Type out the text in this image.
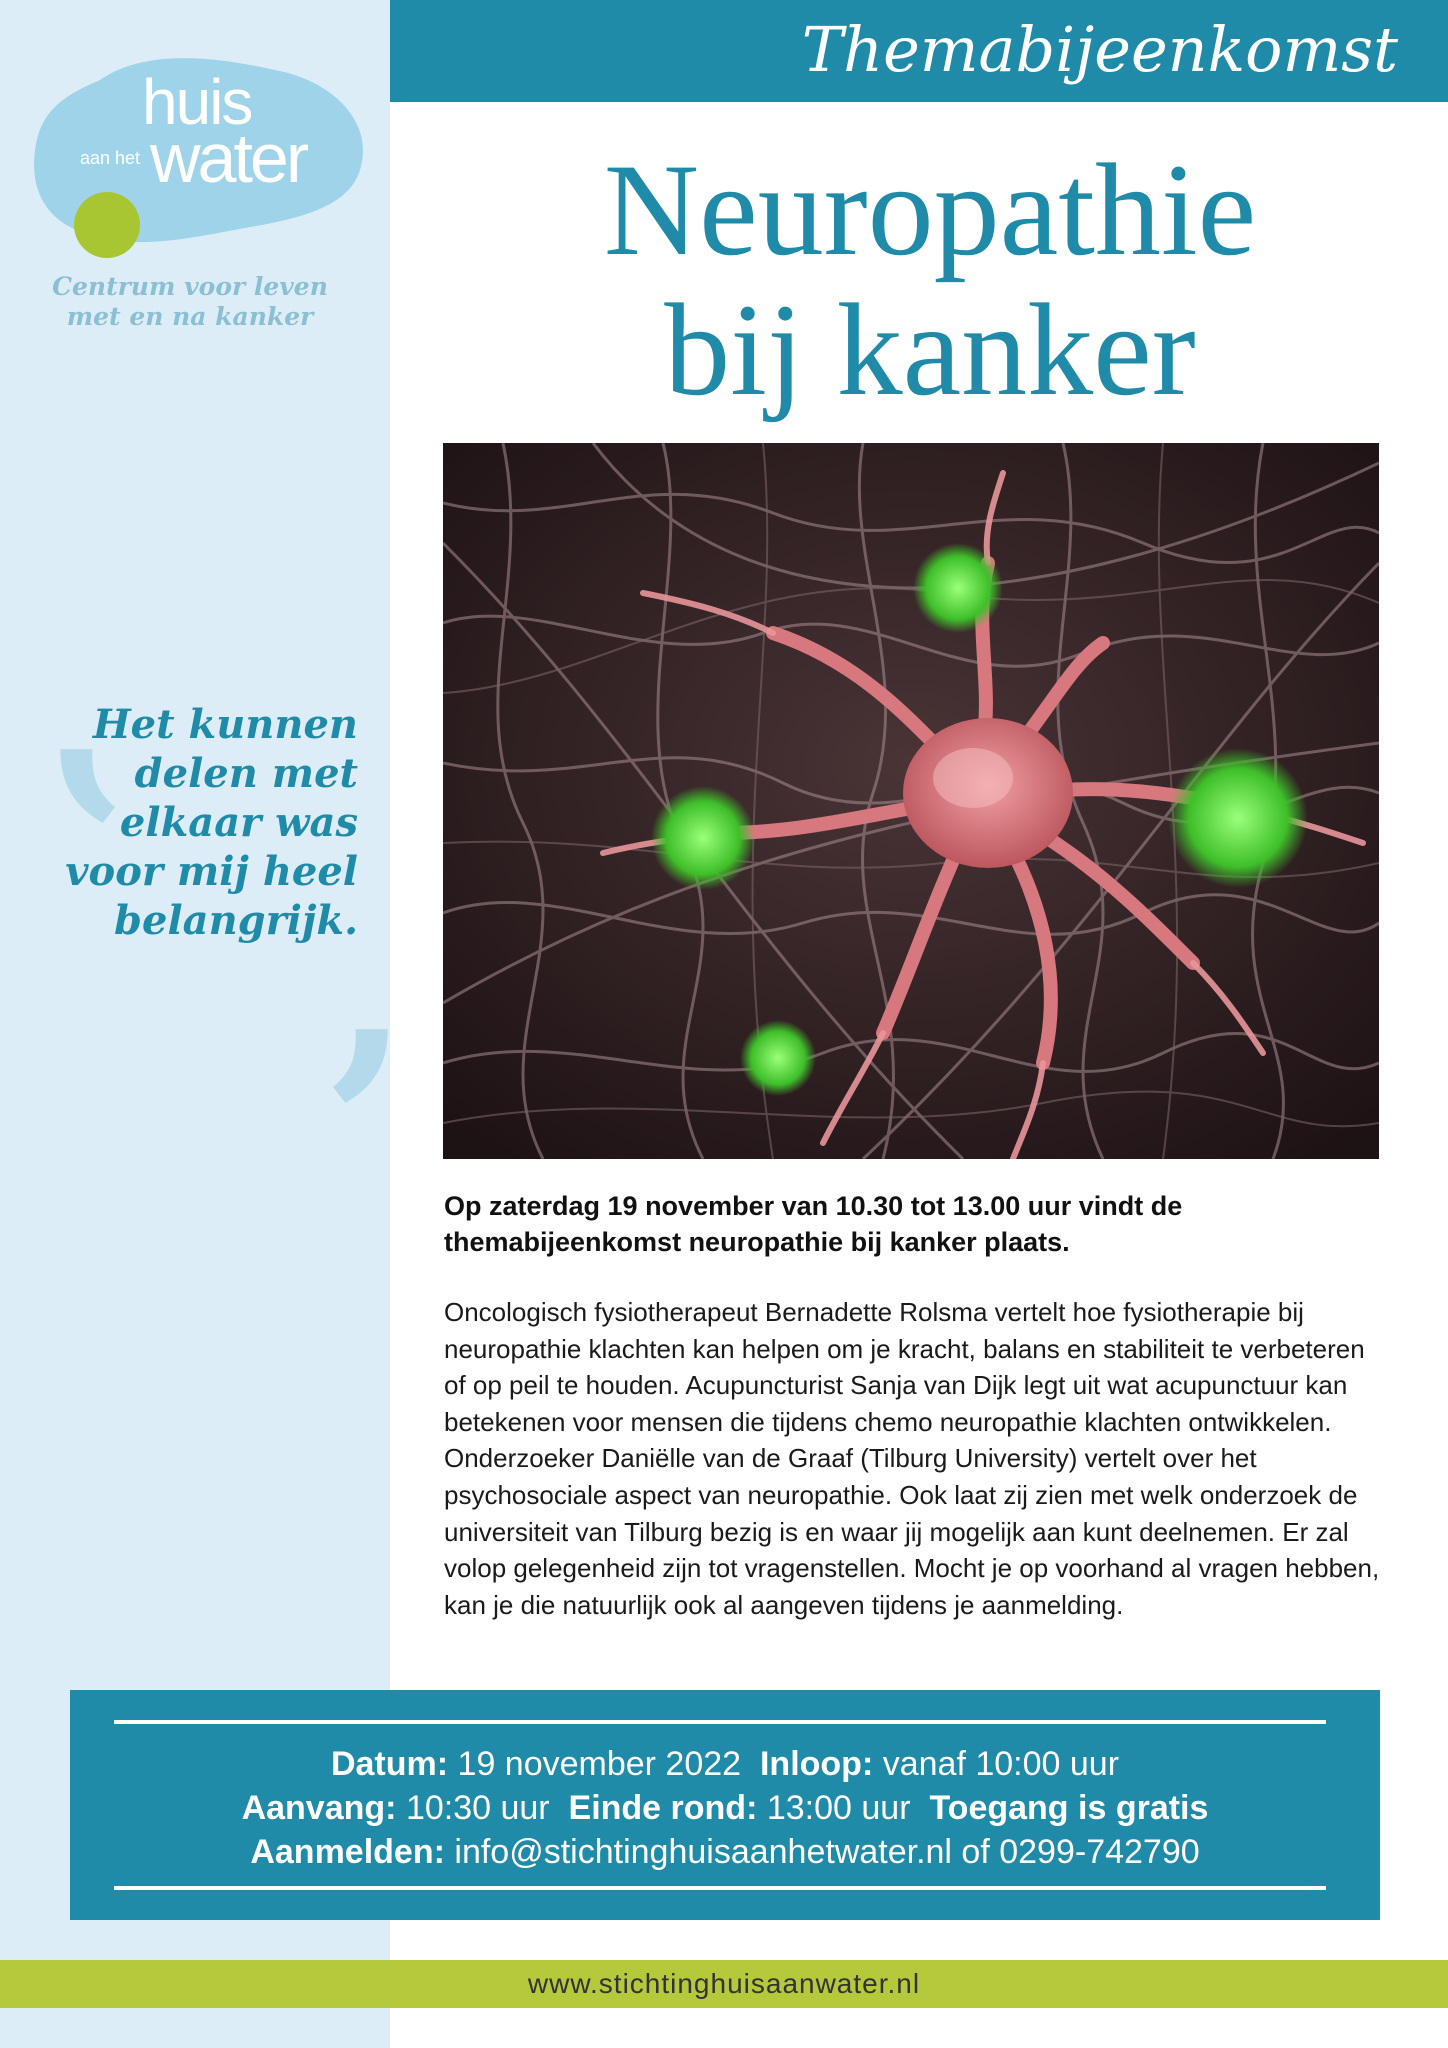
Themabijeenkomst
huis
aan het water
Centrum voor leven
met en na kanker
,
Het kunnen
delen met
elkaar was
voor mij heel
belangrijk.
,
Neuropathie
bij kanker
Op zaterdag 19 november van 10.30 tot 13.00 uur vindt de themabijeenkomst neuropathie bij kanker plaats.
Oncologisch fysiotherapeut Bernadette Rolsma vertelt hoe fysiotherapie bij neuropathie klachten kan helpen om je kracht, balans en stabiliteit te verbeteren of op peil te houden. Acupuncturist Sanja van Dijk legt uit wat acupunctuur kan betekenen voor mensen die tijdens chemo neuropathie klachten ontwikkelen. Onderzoeker Daniëlle van de Graaf (Tilburg University) vertelt over het psychosociale aspect van neuropathie. Ook laat zij zien met welk onderzoek de universiteit van Tilburg bezig is en waar jij mogelijk aan kunt deelnemen. Er zal volop gelegenheid zijn tot vragenstellen. Mocht je op voorhand al vragen hebben, kan je die natuurlijk ook al aangeven tijdens je aanmelding.
Datum: 19 november 2022 Inloop: vanaf 10:00 uur
Aanvang: 10:30 uur Einde rond: 13:00 uur Toegang is gratis
Aanmelden: info@stichtinghuisaanhetwater.nl of 0299-742790
www.stichtinghuisaanwater.nl
